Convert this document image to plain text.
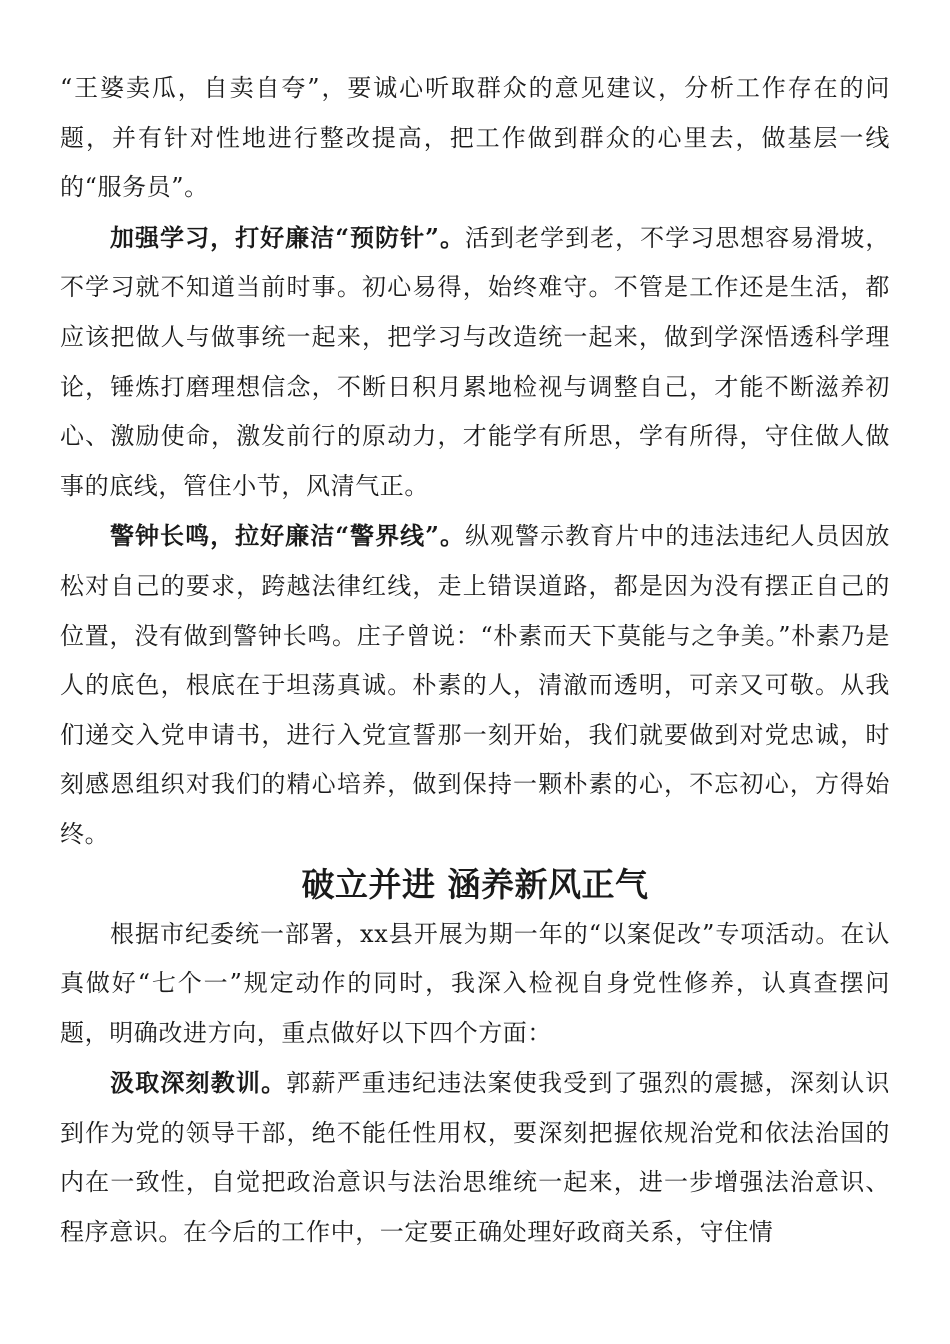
“王婆卖瓜，自卖自夸”，要诚心听取群众的意见建议，分析工作存在的问题，并有针对性地进行整改提高，把工作做到群众的心里去，做基层一线的“服务员”。

加强学习，打好廉洁“预防针”。活到老学到老，不学习思想容易滑坡，不学习就不知道当前时事。初心易得，始终难守。不管是工作还是生活，都应该把做人与做事统一起来，把学习与改造统一起来，做到学深悟透科学理论，锤炼打磨理想信念，不断日积月累地检视与调整自己，才能不断滋养初心、激励使命，激发前行的原动力，才能学有所思，学有所得，守住做人做事的底线，管住小节，风清气正。

警钟长鸣，拉好廉洁“警界线”。纵观警示教育片中的违法违纪人员因放松对自己的要求，跨越法律红线，走上错误道路，都是因为没有摆正自己的位置，没有做到警钟长鸣。庄子曾说：“朴素而天下莫能与之争美。”朴素乃是人的底色，根底在于坦荡真诚。朴素的人，清澈而透明，可亲又可敬。从我们递交入党申请书，进行入党宣誓那一刻开始，我们就要做到对党忠诚，时刻感恩组织对我们的精心培养，做到保持一颗朴素的心，不忘初心，方得始终。

破立并进 涵养新风正气

根据市纪委统一部署，xx县开展为期一年的“以案促改”专项活动。在认真做好“七个一”规定动作的同时，我深入检视自身党性修养，认真查摆问题，明确改进方向，重点做好以下四个方面：

汲取深刻教训。郭薪严重违纪违法案使我受到了强烈的震撼，深刻认识到作为党的领导干部，绝不能任性用权，要深刻把握依规治党和依法治国的内在一致性，自觉把政治意识与法治思维统一起来，进一步增强法治意识、程序意识。在今后的工作中，一定要正确处理好政商关系，守住情
